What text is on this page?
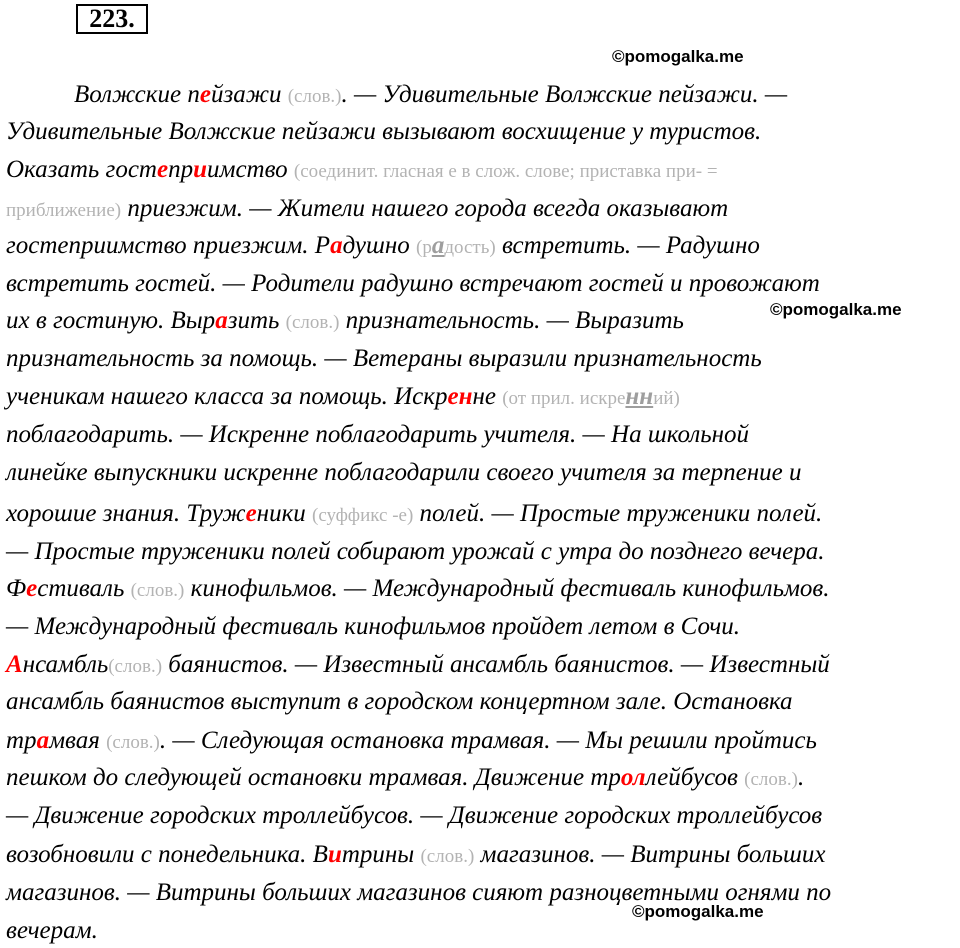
223.
©pomogalka.me
©pomogalka.me
©pomogalka.me
Волжские пейзажи (слов.). — Удивительные Волжские пейзажи. —
Удивительные Волжские пейзажи вызывают восхищение у туристов.
Оказать гостеприимство (соединит. гласная е в слож. слове; приставка при- =
приближение) приезжим. — Жители нашего города всегда оказывают
гостеприимство приезжим. Радушно (радость) встретить. — Радушно
встретить гостей. — Родители радушно встречают гостей и провожают
их в гостиную. Выразить (слов.) признательность. — Выразить
признательность за помощь. — Ветераны выразили признательность
ученикам нашего класса за помощь. Искренне (от прил. искренний)
поблагодарить. — Искренне поблагодарить учителя. — На школьной
линейке выпускники искренне поблагодарили своего учителя за терпение и
хорошие знания. Труженики (суффикс -е) полей. — Простые труженики полей.
— Простые труженики полей собирают урожай с утра до позднего вечера.
Фестиваль (слов.) кинофильмов. — Международный фестиваль кинофильмов.
— Международный фестиваль кинофильмов пройдет летом в Сочи.
Ансамбль(слов.) баянистов. — Известный ансамбль баянистов. — Известный
ансамбль баянистов выступит в городском концертном зале. Остановка
трамвая (слов.). — Следующая остановка трамвая. — Мы решили пройтись
пешком до следующей остановки трамвая. Движение троллейбусов (слов.).
— Движение городских троллейбусов. — Движение городских троллейбусов
возобновили с понедельника. Витрины (слов.) магазинов. — Витрины больших
магазинов. — Витрины больших магазинов сияют разноцветными огнями по
вечерам.
